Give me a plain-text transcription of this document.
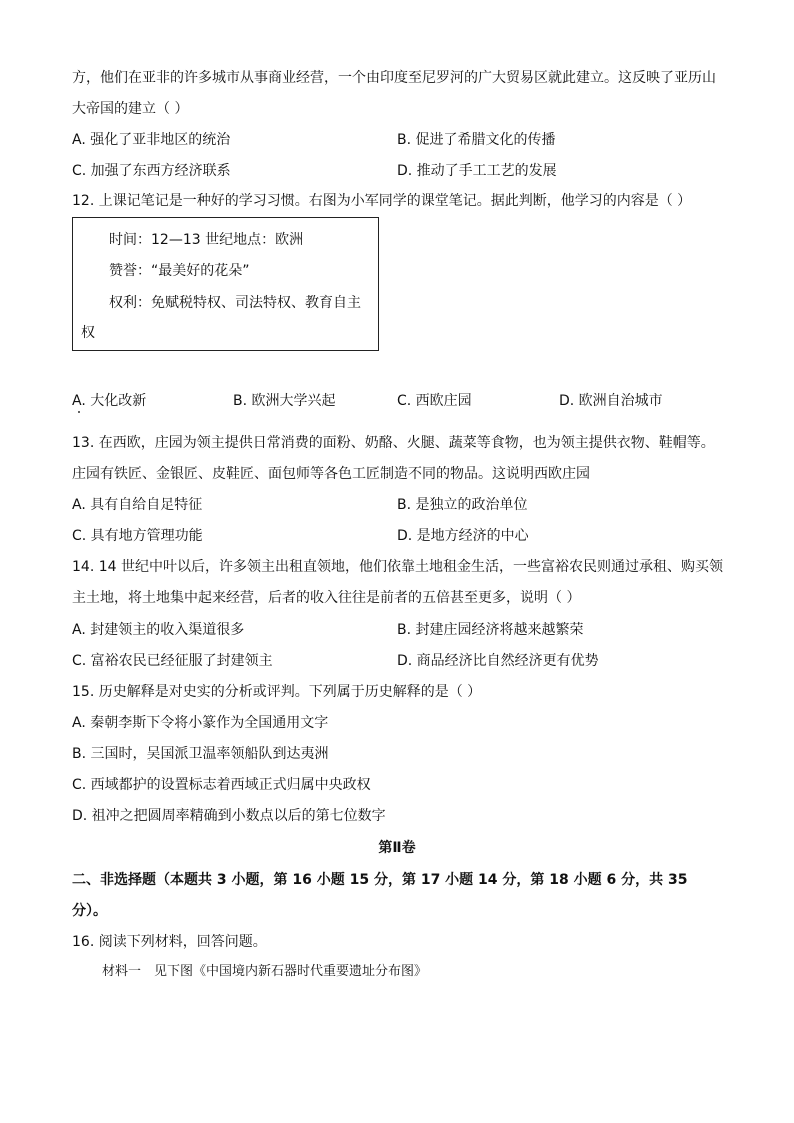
方，他们在亚非的许多城市从事商业经营，一个由印度至尼罗河的广大贸易区就此建立。这反映了亚历山
大帝国的建立（ ）
A. 强化了亚非地区的统治	B. 促进了希腊文化的传播
C. 加强了东西方经济联系	D. 推动了手工工艺的发展
12. 上课记笔记是一种好的学习习惯。右图为小军同学的课堂笔记。据此判断，他学习的内容是（ ）
时间：12—13 世纪地点：欧洲
赞誉：“最美好的花朵”
权利：免赋税特权、司法特权、教育自主
权
A. 大化改新	B. 欧洲大学兴起	C. 西欧庄园	D. 欧洲自治城市
13. 在西欧，庄园为领主提供日常消费的面粉、奶酪、火腿、蔬菜等食物，也为领主提供衣物、鞋帽等。
庄园有铁匠、金银匠、皮鞋匠、面包师等各色工匠制造不同的物品。这说明西欧庄园
A. 具有自给自足特征	B. 是独立的政治单位
C. 具有地方管理功能	D. 是地方经济的中心
14. 14 世纪中叶以后，许多领主出租直领地，他们依靠土地租金生活，一些富裕农民则通过承租、购买领
主土地，将土地集中起来经营，后者的收入往往是前者的五倍甚至更多，说明（ ）
A. 封建领主的收入渠道很多	B. 封建庄园经济将越来越繁荣
C. 富裕农民已经征服了封建领主	D. 商品经济比自然经济更有优势
15. 历史解释是对史实的分析或评判。下列属于历史解释的是（ ）
A. 秦朝李斯下令将小篆作为全国通用文字
B. 三国时，吴国派卫温率领船队到达夷洲
C. 西域都护的设置标志着西域正式归属中央政权
D. 祖冲之把圆周率精确到小数点以后的第七位数字
第Ⅱ卷
二、非选择题（本题共 3 小题，第 16 小题 15 分，第 17 小题 14 分，第 18 小题 6 分，共 35
分）。
16. 阅读下列材料，回答问题。
材料一　见下图《中国境内新石器时代重要遗址分布图》
